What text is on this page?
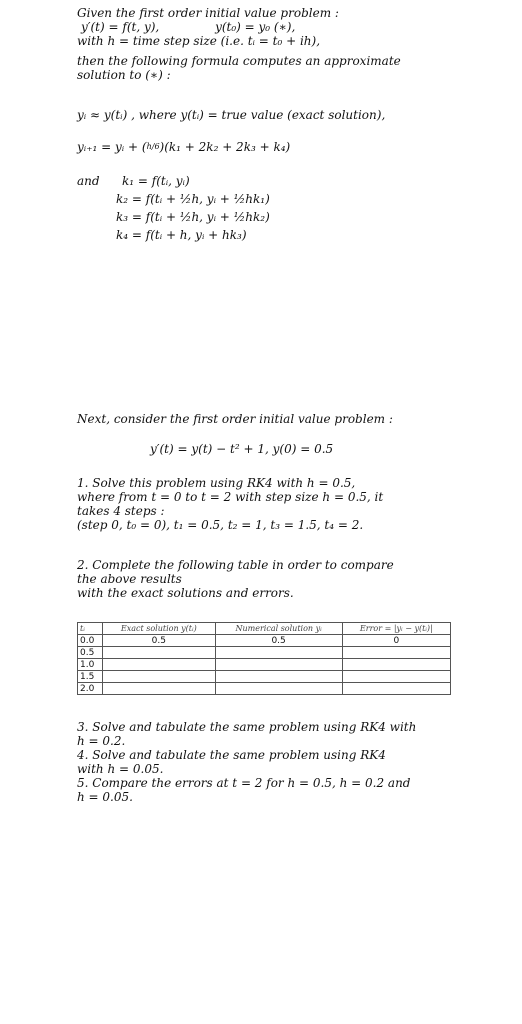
Given the first order initial value problem :
y′(t) = f(t, y),	y(t₀) = y₀ (∗),
with h = time step size (i.e. tᵢ = t₀ + ih),
then the following formula computes an approximate
solution to (∗) :
yᵢ ≈ y(tᵢ) , where y(tᵢ) = true value (exact solution),
yᵢ₊₁ = yᵢ + (h/6)(k₁ + 2k₂ + 2k₃ + k₄)
and k₁ = f(tᵢ, yᵢ)
k₂ = f(tᵢ + ½h, yᵢ + ½hk₁)
k₃ = f(tᵢ + ½h, yᵢ + ½hk₂)
k₄ = f(tᵢ + h, yᵢ + hk₃)
Next, consider the first order initial value problem :
y′(t) = y(t) − t² + 1, y(0) = 0.5
1. Solve this problem using RK4 with h = 0.5,
where from t = 0 to t = 2 with step size h = 0.5, it
takes 4 steps :
(step 0, t₀ = 0), t₁ = 0.5, t₂ = 1, t₃ = 1.5, t₄ = 2.
2. Complete the following table in order to compare
the above results
with the exact solutions and errors.
tᵢ	Exact solution y(tᵢ)	Numerical solution yᵢ	Error = |yᵢ − y(tᵢ)|
0.0	0.5	0.5	0
0.5			
1.0			
1.5			
2.0			
3. Solve and tabulate the same problem using RK4 with
h = 0.2.
4. Solve and tabulate the same problem using RK4
with h = 0.05.
5. Compare the errors at t = 2 for h = 0.5, h = 0.2 and
h = 0.05.
